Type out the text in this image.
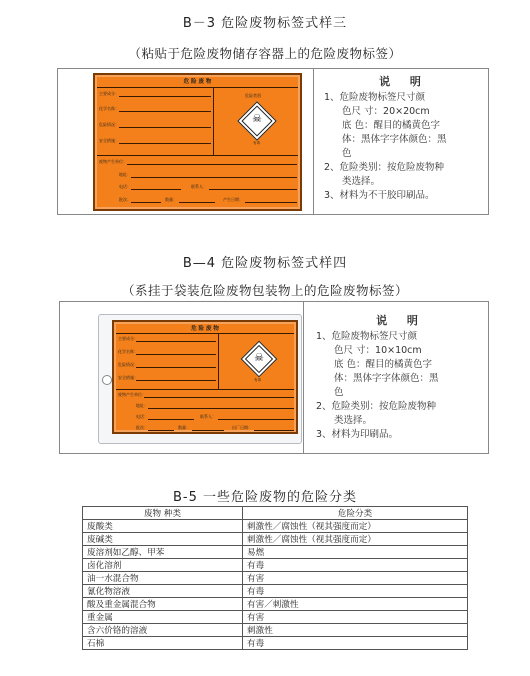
B－3 危险废物标签式样三
（粘贴于危险废物储存容器上的危险废物标签）
危 险 废 物
主要成分：
化学名称：
危险情况：
安全措施：
危险类别
☠
有毒
废物产生单位：
地址：
电话：	联系人：
批次：	数量：	产生日期：
说 明

1、危险废物标签尺寸颜

色尺 寸：20×20cm

底 色：醒目的橘黄色字

体：黑体字字体颜色：黑

色

2、危险类别：按危险废物种

类选择。

3、材料为不干胶印刷品。

B—4 危险废物标签式样四
（系挂于袋装危险废物包装物上的危险废物标签）
危 险 废 物
主要成分：
化学名称：
危险情况：
安全措施：
☠
有毒
废物产生单位：
地址：
电话：	联系人：
批次：	数量：	出厂日期：
说 明

1、危险废物标签尺寸颜

色尺 寸：10×10cm

底 色：醒目的橘黄色字

体：黑体字字体颜色：黑

色

2、危险类别：按危险废物种

类选择。

3、材料为印刷品。

B-5 一些危险废物的危险分类
废物 种类	危险分类
废酸类	刺激性／腐蚀性（视其强度而定）
废碱类	刺激性／腐蚀性（视其强度而定）
废溶剂如乙醇、甲苯	易燃
卤化溶剂	有毒
油一水混合物	有害
氰化物溶液	有毒
酸及重金属混合物	有害／刺激性
重金属	有害
含六价铬的溶液	刺激性
石棉	有毒
